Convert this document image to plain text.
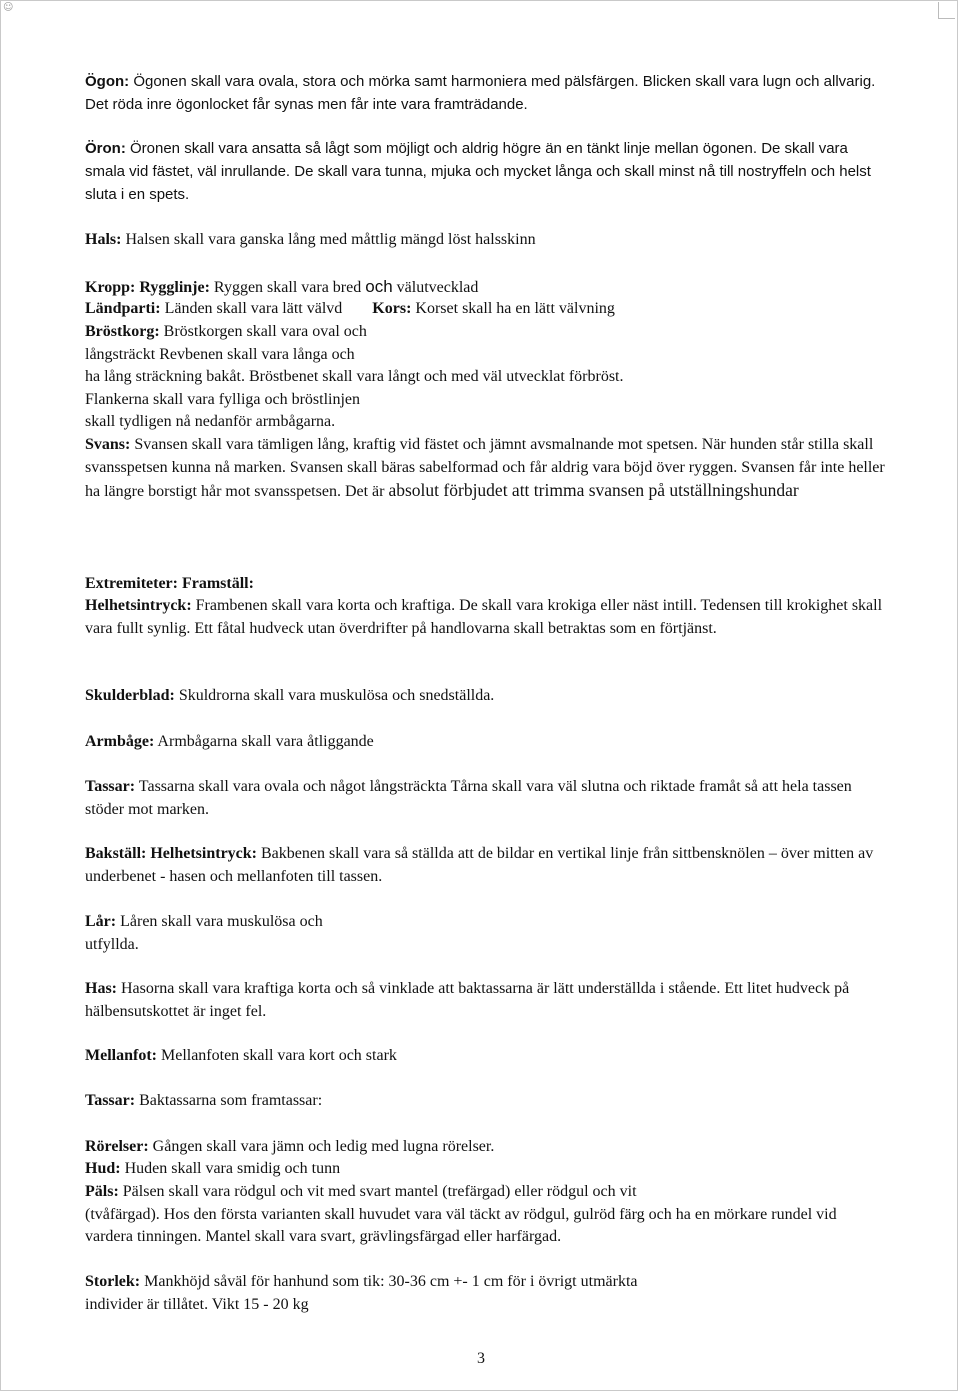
☺
Ögon: Ögonen skall vara ovala, stora och mörka samt harmoniera med pälsfärgen. Blicken skall vara lugn och allvarig. Det röda inre ögonlocket får synas men får inte vara framträdande.
Öron: Öronen skall vara ansatta så lågt som möjligt och aldrig högre än en tänkt linje mellan ögonen. De skall vara smala vid fästet, väl inrullande. De skall vara tunna, mjuka och mycket långa och skall minst nå till nostryffeln och helst sluta i en spets.
Hals: Halsen skall vara ganska lång med måttlig mängd löst halsskinn
Kropp: Rygglinje: Ryggen skall vara bred och välutvecklad
Ländparti: Länden skall vara lätt välvd Kors: Korset skall ha en lätt välvning
Bröstkorg: Bröstkorgen skall vara oval och
långsträckt Revbenen skall vara långa och
ha lång sträckning bakåt. Bröstbenet skall vara långt och med väl utvecklat förbröst.
Flankerna skall vara fylliga och bröstlinjen
skall tydligen nå nedanför armbågarna.
Svans: Svansen skall vara tämligen lång, kraftig vid fästet och jämnt avsmalnande mot spetsen. När hunden står stilla skall svansspetsen kunna nå marken. Svansen skall bäras sabelformad och får aldrig vara böjd över ryggen. Svansen får inte heller ha längre borstigt hår mot svansspetsen. Det är absolut förbjudet att trimma svansen på utställningshundar
Extremiteter: Framställ:
Helhetsintryck: Frambenen skall vara korta och kraftiga. De skall vara krokiga eller näst intill. Tedensen till krokighet skall vara fullt synlig. Ett fåtal hudveck utan överdrifter på handlovarna skall betraktas som en förtjänst.
Skulderblad: Skuldrorna skall vara muskulösa och snedställda.
Armbåge: Armbågarna skall vara åtliggande
Tassar: Tassarna skall vara ovala och något långsträckta Tårna skall vara väl slutna och riktade framåt så att hela tassen stöder mot marken.
Bakställ: Helhetsintryck: Bakbenen skall vara så ställda att de bildar en vertikal linje från sittbensknölen – över mitten av underbenet - hasen och mellanfoten till tassen.
Lår: Låren skall vara muskulösa och
utfyllda.
Has: Hasorna skall vara kraftiga korta och så vinklade att baktassarna är lätt underställda i stående. Ett litet hudveck på hälbensutskottet är inget fel.
Mellanfot: Mellanfoten skall vara kort och stark
Tassar: Baktassarna som framtassar:
Rörelser: Gången skall vara jämn och ledig med lugna rörelser.
Hud: Huden skall vara smidig och tunn
Päls: Pälsen skall vara rödgul och vit med svart mantel (trefärgad) eller rödgul och vit
(tvåfärgad). Hos den första varianten skall huvudet vara väl täckt av rödgul, gulröd färg och ha en mörkare rundel vid vardera tinningen. Mantel skall vara svart, grävlingsfärgad eller harfärgad.
Storlek: Mankhöjd såväl för hanhund som tik: 30-36 cm +- 1 cm för i övrigt utmärkta
individer är tillåtet. Vikt 15 - 20 kg
3
